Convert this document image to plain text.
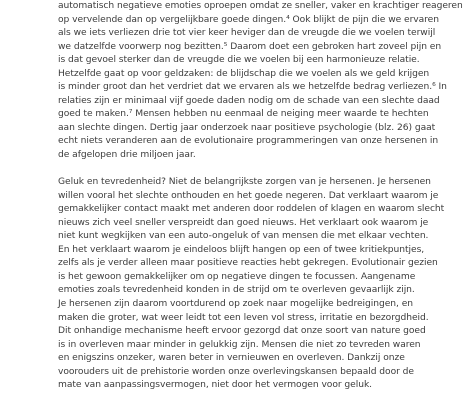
automatisch negatieve emoties oproepen omdat ze sneller, vaker en krachtiger reageren
op vervelende dan op vergelijkbare goede dingen.⁴ Ook blijkt de pijn die we ervaren
als we iets verliezen drie tot vier keer heviger dan de vreugde die we voelen terwijl
we datzelfde voorwerp nog bezitten.⁵ Daarom doet een gebroken hart zoveel pijn en
is dat gevoel sterker dan de vreugde die we voelen bij een harmonieuze relatie.
Hetzelfde gaat op voor geldzaken: de blijdschap die we voelen als we geld krijgen
is minder groot dan het verdriet dat we ervaren als we hetzelfde bedrag verliezen.⁶ In
relaties zijn er minimaal vijf goede daden nodig om de schade van een slechte daad
goed te maken.⁷ Mensen hebben nu eenmaal de neiging meer waarde te hechten
aan slechte dingen. Dertig jaar onderzoek naar positieve psychologie (blz. 26) gaat
echt niets veranderen aan de evolutionaire programmeringen van onze hersenen in
de afgelopen drie miljoen jaar.
Geluk en tevredenheid? Niet de belangrijkste zorgen van je hersenen. Je hersenen
willen vooral het slechte onthouden en het goede negeren. Dat verklaart waarom je
gemakkelijker contact maakt met anderen door roddelen of klagen en waarom slecht
nieuws zich veel sneller verspreidt dan goed nieuws. Het verklaart ook waarom je
niet kunt wegkijken van een auto-ongeluk of van mensen die met elkaar vechten.
En het verklaart waarom je eindeloos blijft hangen op een of twee kritiekpuntjes,
zelfs als je verder alleen maar positieve reacties hebt gekregen. Evolutionair gezien
is het gewoon gemakkelijker om op negatieve dingen te focussen. Aangename
emoties zoals tevredenheid konden in de strijd om te overleven gevaarlijk zijn.
Je hersenen zijn daarom voortdurend op zoek naar mogelijke bedreigingen, en
maken die groter, wat weer leidt tot een leven vol stress, irritatie en bezorgdheid.
Dit onhandige mechanisme heeft ervoor gezorgd dat onze soort van nature goed
is in overleven maar minder in gelukkig zijn. Mensen die niet zo tevreden waren
en enigszins onzeker, waren beter in vernieuwen en overleven. Dankzij onze
voorouders uit de prehistorie worden onze overlevingskansen bepaald door de
mate van aanpassingsvermogen, niet door het vermogen voor geluk.
